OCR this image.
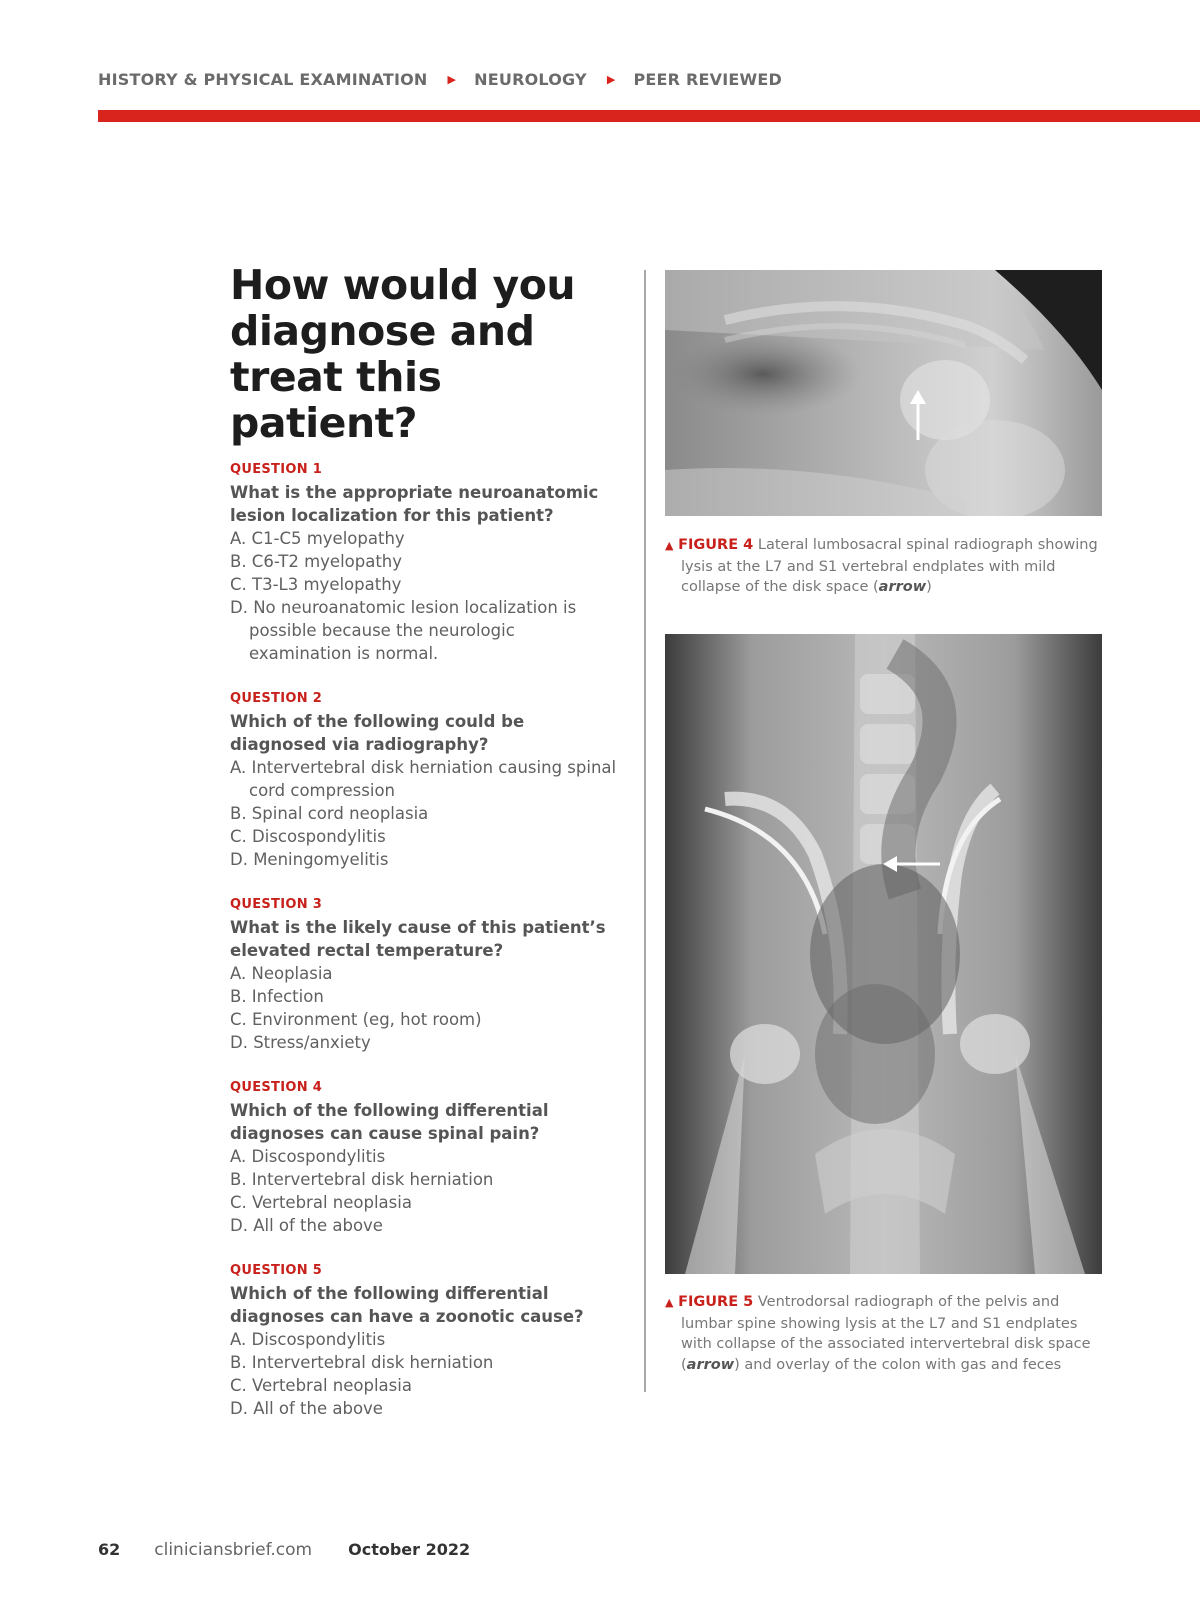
HISTORY & PHYSICAL EXAMINATION ▶ NEUROLOGY ▶ PEER REVIEWED
How would you diagnose and treat this patient?
QUESTION 1
What is the appropriate neuroanatomic lesion localization for this patient?
A. C1-C5 myelopathy
B. C6-T2 myelopathy
C. T3-L3 myelopathy
D. No neuroanatomic lesion localization is possible because the neurologic examination is normal.
QUESTION 2
Which of the following could be diagnosed via radiography?
A. Intervertebral disk herniation causing spinal cord compression
B. Spinal cord neoplasia
C. Discospondylitis
D. Meningomyelitis
QUESTION 3
What is the likely cause of this patient’s elevated rectal temperature?
A. Neoplasia
B. Infection
C. Environment (eg, hot room)
D. Stress/anxiety
QUESTION 4
Which of the following differential diagnoses can cause spinal pain?
A. Discospondylitis
B. Intervertebral disk herniation
C. Vertebral neoplasia
D. All of the above
QUESTION 5
Which of the following differential diagnoses can have a zoonotic cause?
A. Discospondylitis
B. Intervertebral disk herniation
C. Vertebral neoplasia
D. All of the above
▲ FIGURE 4 Lateral lumbosacral spinal radiograph showing lysis at the L7 and S1 vertebral endplates with mild collapse of the disk space (arrow)
▲ FIGURE 5 Ventrodorsal radiograph of the pelvis and lumbar spine showing lysis at the L7 and S1 endplates with collapse of the associated intervertebral disk space (arrow) and overlay of the colon with gas and feces
62 cliniciansbrief.com October 2022
